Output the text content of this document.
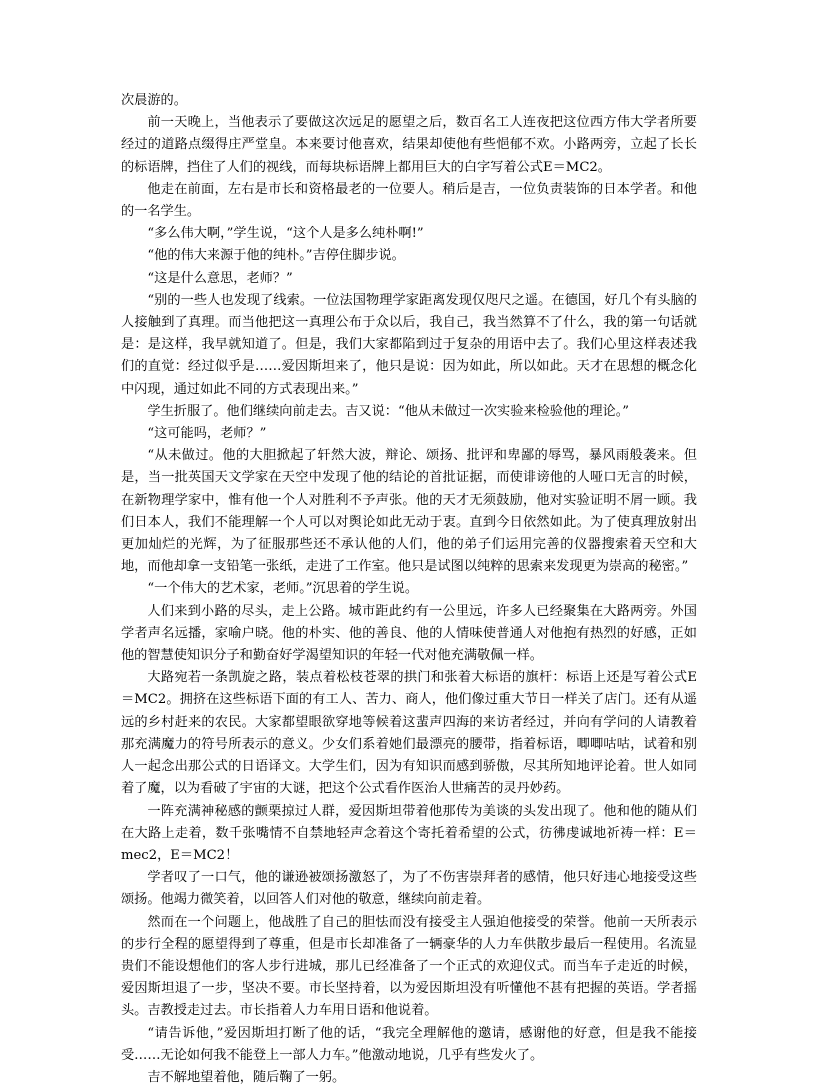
次晨游的。

前一天晚上，当他表示了要做这次远足的愿望之后，数百名工人连夜把这位西方伟大学者所要经过的道路点缀得庄严堂皇。本来要讨他喜欢，结果却使他有些悒郁不欢。小路两旁，立起了长长的标语牌，挡住了人们的视线，而每块标语牌上都用巨大的白字写着公式E＝MC2。

他走在前面，左右是市长和资格最老的一位要人。稍后是吉，一位负责装饰的日本学者。和他的一名学生。

“多么伟大啊，”学生说，“这个人是多么纯朴啊!”

“他的伟大来源于他的纯朴。”吉停住脚步说。

“这是什么意思，老师？”

“别的一些人也发现了线索。一位法国物理学家距离发现仅咫尺之遥。在德国，好几个有头脑的人接触到了真理。而当他把这一真理公布于众以后，我自己，我当然算不了什么，我的第一句话就是：是这样，我早就知道了。但是，我们大家都陷到过于复杂的用语中去了。我们心里这样表述我们的直觉：经过似乎是……爱因斯坦来了，他只是说：因为如此，所以如此。天才在思想的概念化中闪现，通过如此不同的方式表现出来。”

学生折服了。他们继续向前走去。吉又说：“他从未做过一次实验来检验他的理论。”

“这可能吗，老师？”

“从未做过。他的大胆掀起了轩然大波，辩论、颂扬、批评和卑鄙的辱骂，暴风雨般袭来。但是，当一批英国天文学家在天空中发现了他的结论的首批证据，而使诽谤他的人哑口无言的时候，在新物理学家中，惟有他一个人对胜利不予声张。他的天才无须鼓励，他对实验证明不屑一顾。我们日本人，我们不能理解一个人可以对舆论如此无动于衷。直到今日依然如此。为了使真理放射出更加灿烂的光辉，为了征服那些还不承认他的人们，他的弟子们运用完善的仪器搜索着天空和大地，而他却拿一支铅笔一张纸，走进了工作室。他只是试图以纯粹的思索来发现更为崇高的秘密。”

“一个伟大的艺术家，老师。”沉思着的学生说。

人们来到小路的尽头，走上公路。城市距此约有一公里远，许多人已经聚集在大路两旁。外国学者声名远播，家喻户晓。他的朴实、他的善良、他的人情味使普通人对他抱有热烈的好感，正如他的智慧使知识分子和勤奋好学渴望知识的年轻一代对他充满敬佩一样。

大路宛若一条凯旋之路，装点着松枝苍翠的拱门和张着大标语的旗杆：标语上还是写着公式E＝MC2。拥挤在这些标语下面的有工人、苦力、商人，他们像过重大节日一样关了店门。还有从遥远的乡村赶来的农民。大家都望眼欲穿地等候着这蜚声四海的来访者经过，并向有学问的人请教着那充满魔力的符号所表示的意义。少女们系着她们最漂亮的腰带，指着标语，唧唧咕咕，试着和别人一起念出那公式的日语译文。大学生们，因为有知识而感到骄傲，尽其所知地评论着。世人如同着了魔，以为看破了宇宙的大谜，把这个公式看作医治人世痛苦的灵丹妙药。

一阵充满神秘感的颤栗掠过人群，爱因斯坦带着他那传为美谈的头发出现了。他和他的随从们在大路上走着，数千张嘴情不自禁地轻声念着这个寄托着希望的公式，彷彿虔诚地祈祷一样：E＝mec2，E＝MC2！

学者叹了一口气，他的谦逊被颂扬激怒了，为了不伤害崇拜者的感情，他只好违心地接受这些颂扬。他竭力微笑着，以回答人们对他的敬意，继续向前走着。

然而在一个问题上，他战胜了自己的胆怯而没有接受主人强迫他接受的荣誉。他前一天所表示的步行全程的愿望得到了尊重，但是市长却准备了一辆豪华的人力车供散步最后一程使用。名流显贵们不能设想他们的客人步行进城，那儿已经准备了一个正式的欢迎仪式。而当车子走近的时候，爱因斯坦退了一步，坚决不要。市长坚持着，以为爱因斯坦没有听懂他不甚有把握的英语。学者摇头。吉教授走过去。市长指着人力车用日语和他说着。

“请告诉他，”爱因斯坦打断了他的话，“我完全理解他的邀请，感谢他的好意，但是我不能接受……无论如何我不能登上一部人力车。”他激动地说，几乎有些发火了。

吉不解地望着他，随后鞠了一躬。
